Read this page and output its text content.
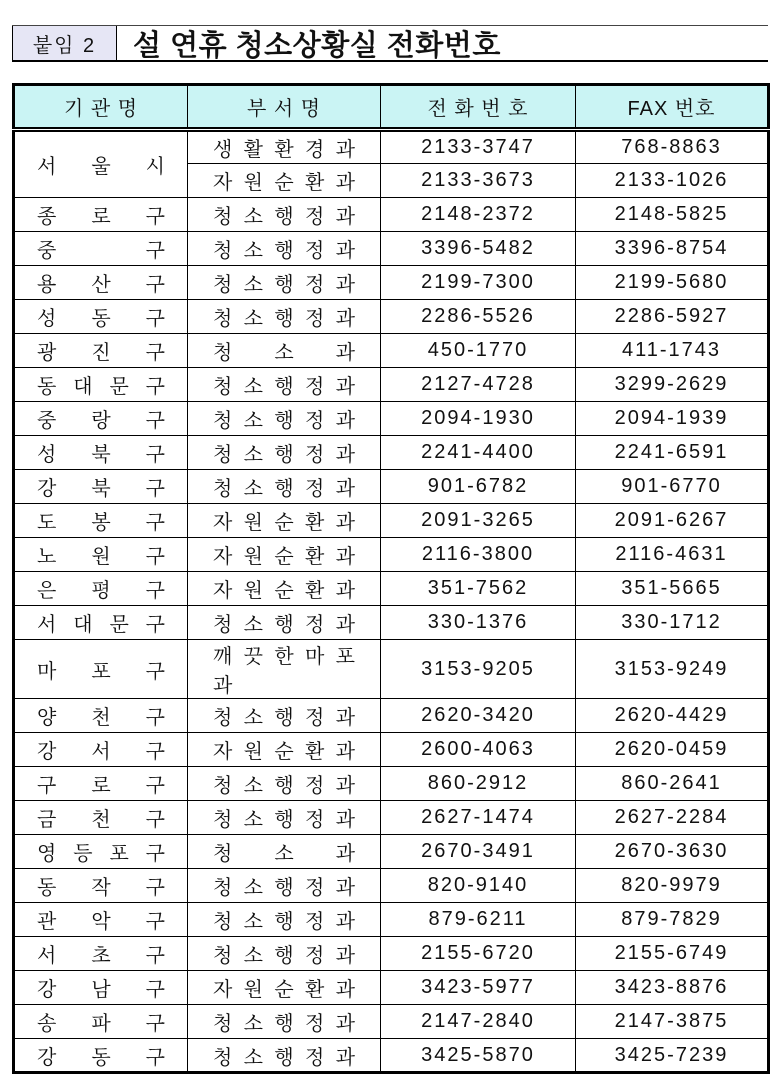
붙임 2	설 연휴 청소상황실 전화번호
기 관 명	부 서 명	전 화 번 호	FAX 번호

서 울 시	생 활 환 경 과	2133-3747	768-8863

	자 원 순 환 과	2133-3673	2133-1026

종 로 구	청 소 행 정 과	2148-2372	2148-5825

중 구	청 소 행 정 과	3396-5482	3396-8754

용 산 구	청 소 행 정 과	2199-7300	2199-5680

성 동 구	청 소 행 정 과	2286-5526	2286-5927

광 진 구	청 소 과	450-1770	411-1743

동 대 문 구	청 소 행 정 과	2127-4728	3299-2629

중 랑 구	청 소 행 정 과	2094-1930	2094-1939

성 북 구	청 소 행 정 과	2241-4400	2241-6591

강 북 구	청 소 행 정 과	901-6782	901-6770

도 봉 구	자 원 순 환 과	2091-3265	2091-6267

노 원 구	자 원 순 환 과	2116-3800	2116-4631

은 평 구	자 원 순 환 과	351-7562	351-5665

서 대 문 구	청 소 행 정 과	330-1376	330-1712

마 포 구	깨 끗 한 마 포 과	3153-9205	3153-9249

양 천 구	청 소 행 정 과	2620-3420	2620-4429

강 서 구	자 원 순 환 과	2600-4063	2620-0459

구 로 구	청 소 행 정 과	860-2912	860-2641

금 천 구	청 소 행 정 과	2627-1474	2627-2284

영 등 포 구	청 소 과	2670-3491	2670-3630

동 작 구	청 소 행 정 과	820-9140	820-9979

관 악 구	청 소 행 정 과	879-6211	879-7829

서 초 구	청 소 행 정 과	2155-6720	2155-6749

강 남 구	자 원 순 환 과	3423-5977	3423-8876

송 파 구	청 소 행 정 과	2147-2840	2147-3875

강 동 구	청 소 행 정 과	3425-5870	3425-7239
